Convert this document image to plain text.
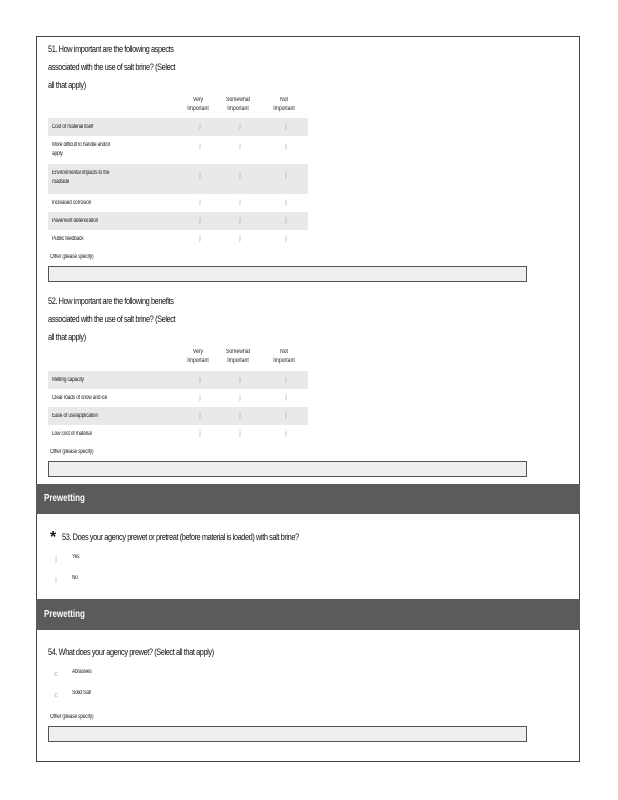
51. How important are the following aspects
associated with the use of salt brine? (Select
all that apply)
Very
Important
Somewhat
Important
Not
Important
Cost of material itself	j	j	j
More difficult to handle and/or
apply
j	j	j
Environmental impacts to the
roadside
j	j	j
Increased corrosion	j	j	j
Pavement deterioration	j	j	j
Public feedback	j	j	j
Other (please specify)
52. How important are the following benefits
associated with the use of salt brine? (Select
all that apply)
Very
Important
Somewhat
Important
Not
Important
Melting capacity	j	j	j
Clear roads of snow and ice	j	j	j
Ease of use/application	j	j	j
Low cost of material	j	j	j
Other (please specify)
Prewetting
* 53. Does your agency prewet or pretreat (before material is loaded) with salt brine?
j	Yes
j	No
Prewetting
54. What does your agency prewet? (Select all that apply)
c	Abrasives
c	Solid Salt
Other (please specify)
